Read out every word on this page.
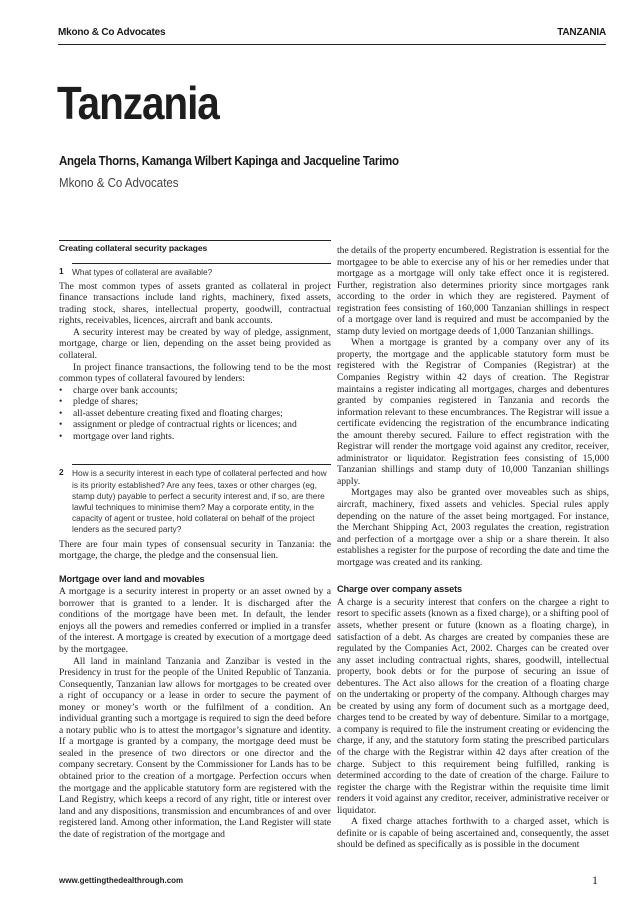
Mkono & Co Advocates	TANZANIA
Tanzania
Angela Thorns, Kamanga Wilbert Kapinga and Jacqueline Tarimo
Mkono & Co Advocates
Creating collateral security packages
1	What types of collateral are available?

The most common types of assets granted as collateral in project finance transactions include land rights, machinery, fixed assets, trading stock, shares, intellectual property, goodwill, contractual rights, receivables, licences, aircraft and bank accounts.

A security interest may be created by way of pledge, assignment, mortgage, charge or lien, depending on the asset being provided as collateral.

In project finance transactions, the following tend to be the most common types of collateral favoured by lenders:

• charge over bank accounts;
• pledge of shares;
• all-asset debenture creating fixed and floating charges;
• assignment or pledge of contractual rights or licences; and
• mortgage over land rights.
2	How is a security interest in each type of collateral perfected and how is its priority established? Are any fees, taxes or other charges (eg, stamp duty) payable to perfect a security interest and, if so, are there lawful techniques to minimise them? May a corporate entity, in the capacity of agent or trustee, hold collateral on behalf of the project lenders as the secured party?

There are four main types of consensual security in Tanzania: the mortgage, the charge, the pledge and the consensual lien.

Mortgage over land and movables

A mortgage is a security interest in property or an asset owned by a borrower that is granted to a lender. It is discharged after the conditions of the mortgage have been met. In default, the lender enjoys all the powers and remedies conferred or implied in a transfer of the interest. A mortgage is created by execution of a mortgage deed by the mortgagee.

All land in mainland Tanzania and Zanzibar is vested in the Presidency in trust for the people of the United Republic of Tanzania. Consequently, Tanzanian law allows for mortgages to be created over a right of occupancy or a lease in order to secure the payment of money or money’s worth or the fulfilment of a condition. An individual granting such a mortgage is required to sign the deed before a notary public who is to attest the mortgagor’s signature and identity. If a mortgage is granted by a company, the mortgage deed must be sealed in the presence of two directors or one director and the company secretary. Consent by the Commissioner for Lands has to be obtained prior to the creation of a mortgage. Perfection occurs when the mortgage and the applicable statutory form are registered with the Land Registry, which keeps a record of any right, title or interest over land and any dispositions, transmission and encumbrances of and over registered land. Among other information, the Land Register will state the date of registration of the mortgage and

the details of the property encumbered. Registration is essential for the mortgagee to be able to exercise any of his or her remedies under that mortgage as a mortgage will only take effect once it is registered. Further, registration also determines priority since mortgages rank according to the order in which they are registered. Payment of registration fees consisting of 160,000 Tanzanian shillings in respect of a mortgage over land is required and must be accompanied by the stamp duty levied on mortgage deeds of 1,000 Tanzanian shillings.

When a mortgage is granted by a company over any of its property, the mortgage and the applicable statutory form must be registered with the Registrar of Companies (Registrar) at the Companies Registry within 42 days of creation. The Registrar maintains a register indicating all mortgages, charges and debentures granted by companies registered in Tanzania and records the information relevant to these encumbrances. The Registrar will issue a certificate evidencing the registration of the encumbrance indicating the amount thereby secured. Failure to effect registration with the Registrar will render the mortgage void against any creditor, receiver, administrator or liquidator. Registration fees consisting of 15,000 Tanzanian shillings and stamp duty of 10,000 Tanzanian shillings apply.

Mortgages may also be granted over moveables such as ships, aircraft, machinery, fixed assets and vehicles. Special rules apply depending on the nature of the asset being mortgaged. For instance, the Merchant Shipping Act, 2003 regulates the creation, registration and perfection of a mortgage over a ship or a share therein. It also establishes a register for the purpose of recording the date and time the mortgage was created and its ranking.

Charge over company assets

A charge is a security interest that confers on the chargee a right to resort to specific assets (known as a fixed charge), or a shifting pool of assets, whether present or future (known as a floating charge), in satisfaction of a debt. As charges are created by companies these are regulated by the Companies Act, 2002. Charges can be created over any asset including contractual rights, shares, goodwill, intellectual property, book debts or for the purpose of securing an issue of debentures. The Act also allows for the creation of a floating charge on the undertaking or property of the company. Although charges may be created by using any form of document such as a mortgage deed, charges tend to be created by way of debenture. Similar to a mortgage, a company is required to file the instrument creating or evidencing the charge, if any, and the statutory form stating the prescribed particulars of the charge with the Registrar within 42 days after creation of the charge. Subject to this requirement being fulfilled, ranking is determined according to the date of creation of the charge. Failure to register the charge with the Registrar within the requisite time limit renders it void against any creditor, receiver, administrative receiver or liquidator.

A fixed charge attaches forthwith to a charged asset, which is definite or is capable of being ascertained and, consequently, the asset should be defined as specifically as is possible in the document

www.gettingthedealthrough.com	1
